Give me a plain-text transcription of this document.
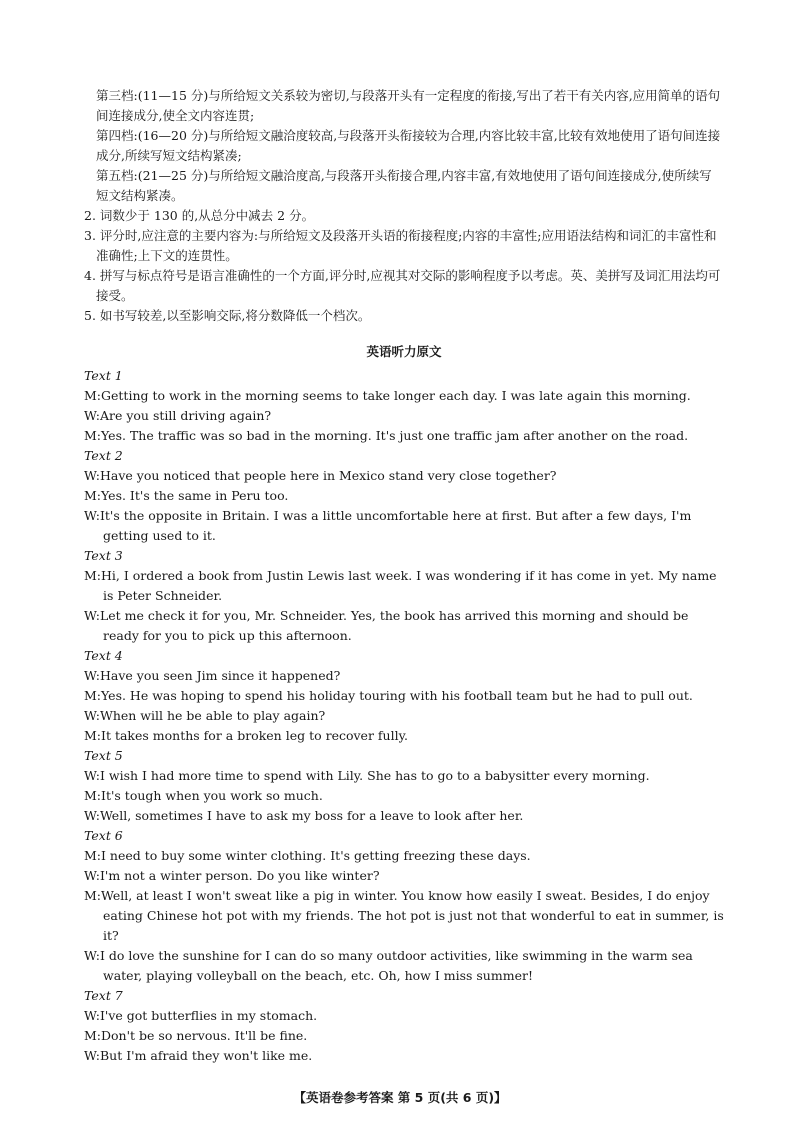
第三档:(11—15 分)与所给短文关系较为密切,与段落开头有一定程度的衔接,写出了若干有关内容,应用简单的语句间连接成分,使全文内容连贯;

第四档:(16—20 分)与所给短文融洽度较高,与段落开头衔接较为合理,内容比较丰富,比较有效地使用了语句间连接成分,所续写短文结构紧凑;

第五档:(21—25 分)与所给短文融洽度高,与段落开头衔接合理,内容丰富,有效地使用了语句间连接成分,使所续写短文结构紧凑。

2. 词数少于 130 的,从总分中减去 2 分。

3. 评分时,应注意的主要内容为:与所给短文及段落开头语的衔接程度;内容的丰富性;应用语法结构和词汇的丰富性和准确性;上下文的连贯性。

4. 拼写与标点符号是语言准确性的一个方面,评分时,应视其对交际的影响程度予以考虑。英、美拼写及词汇用法均可接受。

5. 如书写较差,以至影响交际,将分数降低一个档次。

英语听力原文

Text 1

M:Getting to work in the morning seems to take longer each day. I was late again this morning.

W:Are you still driving again?

M:Yes. The traffic was so bad in the morning. It's just one traffic jam after another on the road.

Text 2

W:Have you noticed that people here in Mexico stand very close together?

M:Yes. It's the same in Peru too.

W:It's the opposite in Britain. I was a little uncomfortable here at first. But after a few days, I'm getting used to it.

Text 3

M:Hi, I ordered a book from Justin Lewis last week. I was wondering if it has come in yet. My name is Peter Schneider.

W:Let me check it for you, Mr. Schneider. Yes, the book has arrived this morning and should be ready for you to pick up this afternoon.

Text 4

W:Have you seen Jim since it happened?

M:Yes. He was hoping to spend his holiday touring with his football team but he had to pull out.

W:When will he be able to play again?

M:It takes months for a broken leg to recover fully.

Text 5

W:I wish I had more time to spend with Lily. She has to go to a babysitter every morning.

M:It's tough when you work so much.

W:Well, sometimes I have to ask my boss for a leave to look after her.

Text 6

M:I need to buy some winter clothing. It's getting freezing these days.

W:I'm not a winter person. Do you like winter?

M:Well, at least I won't sweat like a pig in winter. You know how easily I sweat. Besides, I do enjoy eating Chinese hot pot with my friends. The hot pot is just not that wonderful to eat in summer, is it?

W:I do love the sunshine for I can do so many outdoor activities, like swimming in the warm sea water, playing volleyball on the beach, etc. Oh, how I miss summer!

Text 7

W:I've got butterflies in my stomach.

M:Don't be so nervous. It'll be fine.

W:But I'm afraid they won't like me.

【英语卷参考答案 第 5 页(共 6 页)】
